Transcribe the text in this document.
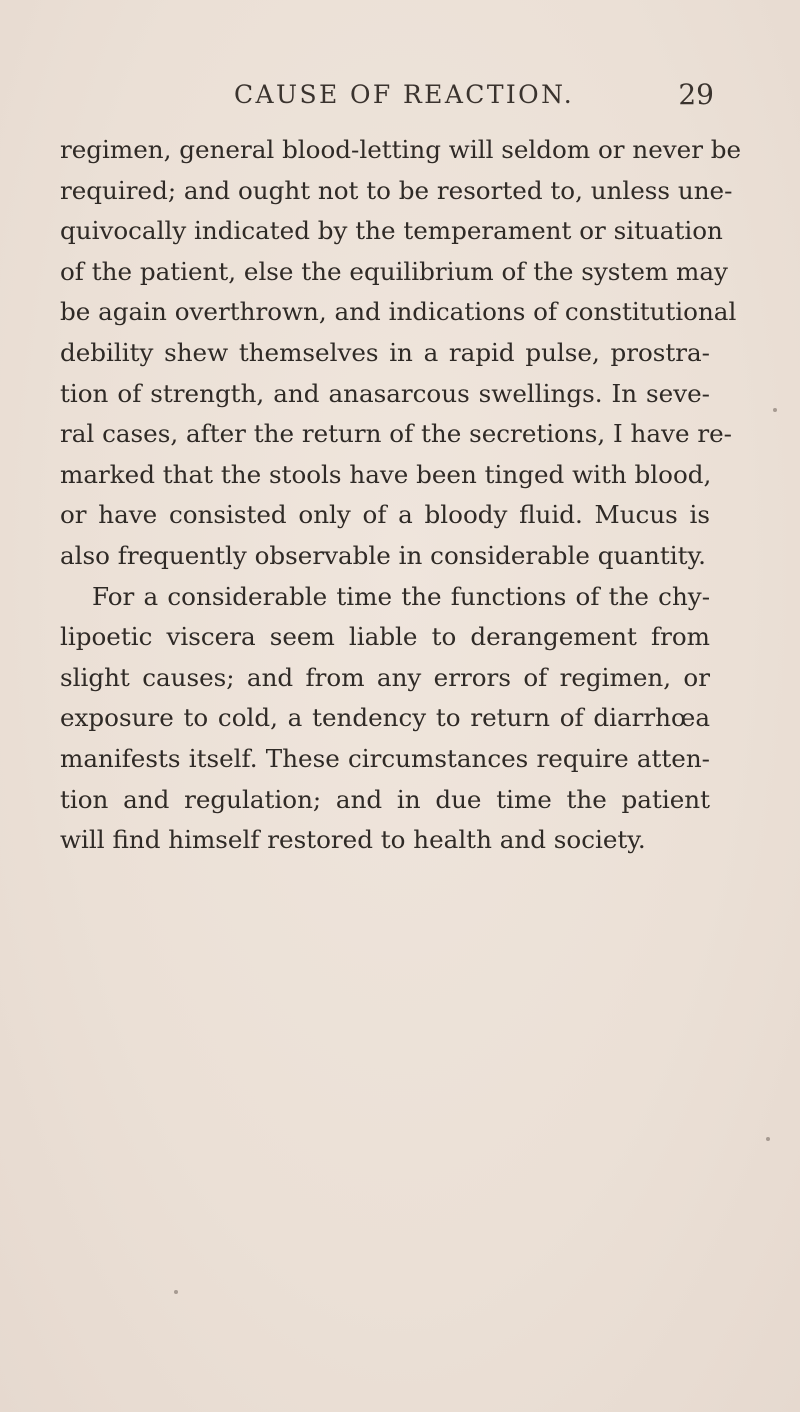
CAUSE OF REACTION.	29
regimen, general blood-letting will seldom or never be
required; and ought not to be resorted to, unless une-
quivocally indicated by the temperament or situation
of the patient, else the equilibrium of the system may
be again overthrown, and indications of constitutional
debility shew themselves in a rapid pulse, prostra-
tion of strength, and anasarcous swellings. In seve-
ral cases, after the return of the secretions, I have re-
marked that the stools have been tinged with blood,
or have consisted only of a bloody fluid. Mucus is
also frequently observable in considerable quantity.
For a considerable time the functions of the chy-
lipoetic viscera seem liable to derangement from
slight causes; and from any errors of regimen, or
exposure to cold, a tendency to return of diarrhœa
manifests itself. These circumstances require atten-
tion and regulation; and in due time the patient
will find himself restored to health and society.
